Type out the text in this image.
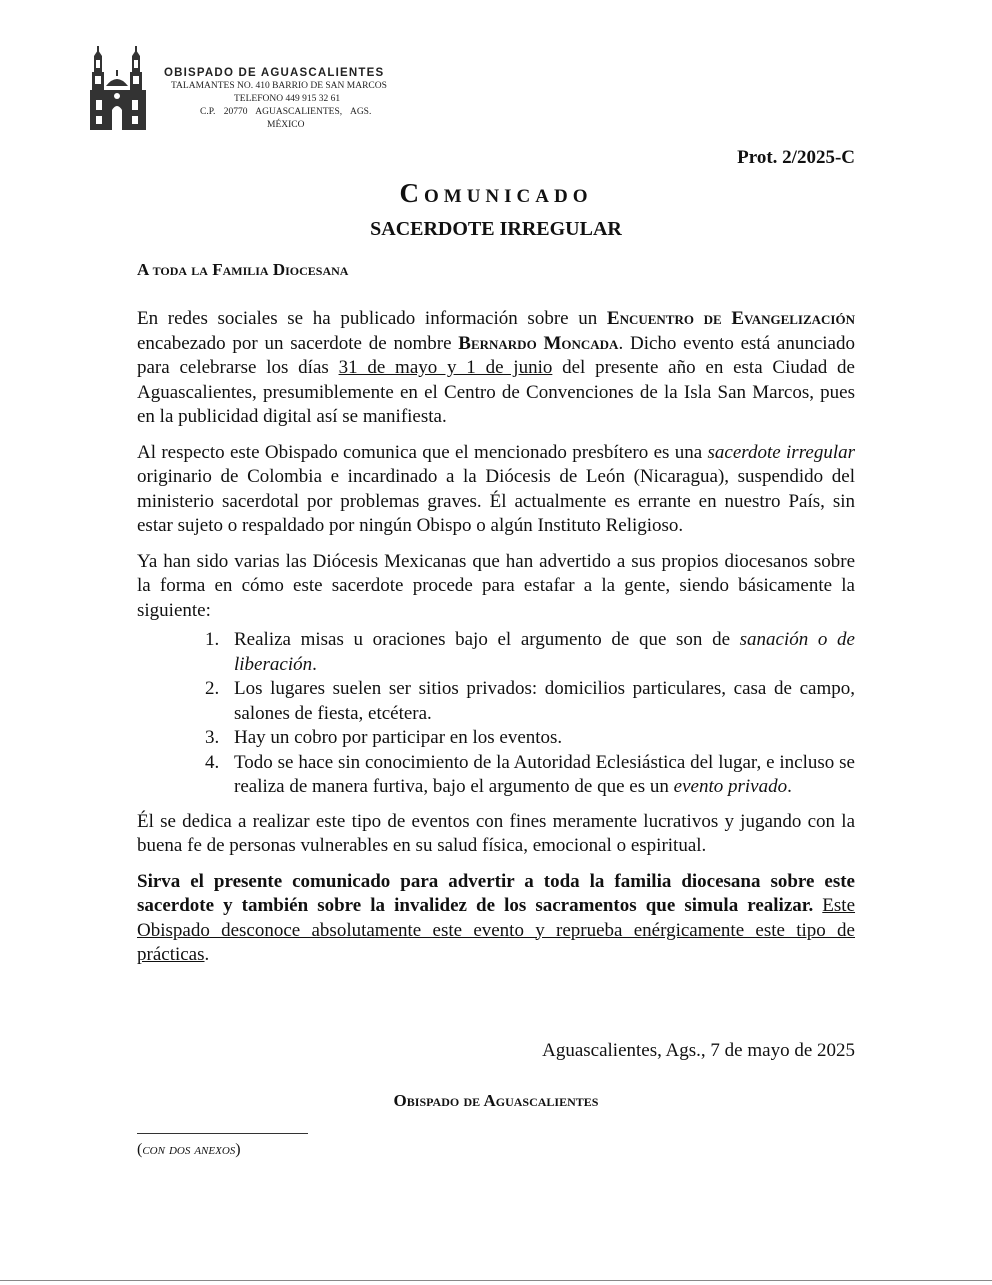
OBISPADO DE AGUASCALIENTES
TALAMANTES NO. 410 BARRIO DE SAN MARCOS
TELEFONO 449 915 32 61
C.P. 20770 AGUASCALIENTES, AGS.
MÉXICO
Prot. 2/2025-C
Comunicado
SACERDOTE IRREGULAR
A toda la Familia Diocesana

En redes sociales se ha publicado información sobre un Encuentro de Evangelización encabezado por un sacerdote de nombre Bernardo Moncada. Dicho evento está anunciado para celebrarse los días 31 de mayo y 1 de junio del presente año en esta Ciudad de Aguascalientes, presumiblemente en el Centro de Convenciones de la Isla San Marcos, pues en la publicidad digital así se manifiesta.

Al respecto este Obispado comunica que el mencionado presbítero es una sacerdote irregular originario de Colombia e incardinado a la Diócesis de León (Nicaragua), suspendido del ministerio sacerdotal por problemas graves. Él actualmente es errante en nuestro País, sin estar sujeto o respaldado por ningún Obispo o algún Instituto Religioso.

Ya han sido varias las Diócesis Mexicanas que han advertido a sus propios diocesanos sobre la forma en cómo este sacerdote procede para estafar a la gente, siendo básicamente la siguiente:

1. Realiza misas u oraciones bajo el argumento de que son de sanación o de liberación.
2. Los lugares suelen ser sitios privados: domicilios particulares, casa de campo, salones de fiesta, etcétera.
3. Hay un cobro por participar en los eventos.
4. Todo se hace sin conocimiento de la Autoridad Eclesiástica del lugar, e incluso se realiza de manera furtiva, bajo el argumento de que es un evento privado.

Él se dedica a realizar este tipo de eventos con fines meramente lucrativos y jugando con la buena fe de personas vulnerables en su salud física, emocional o espiritual.

Sirva el presente comunicado para advertir a toda la familia diocesana sobre este sacerdote y también sobre la invalidez de los sacramentos que simula realizar. Este Obispado desconoce absolutamente este evento y reprueba enérgicamente este tipo de prácticas.

Aguascalientes, Ags., 7 de mayo de 2025
Obispado de Aguascalientes
(con dos anexos)
